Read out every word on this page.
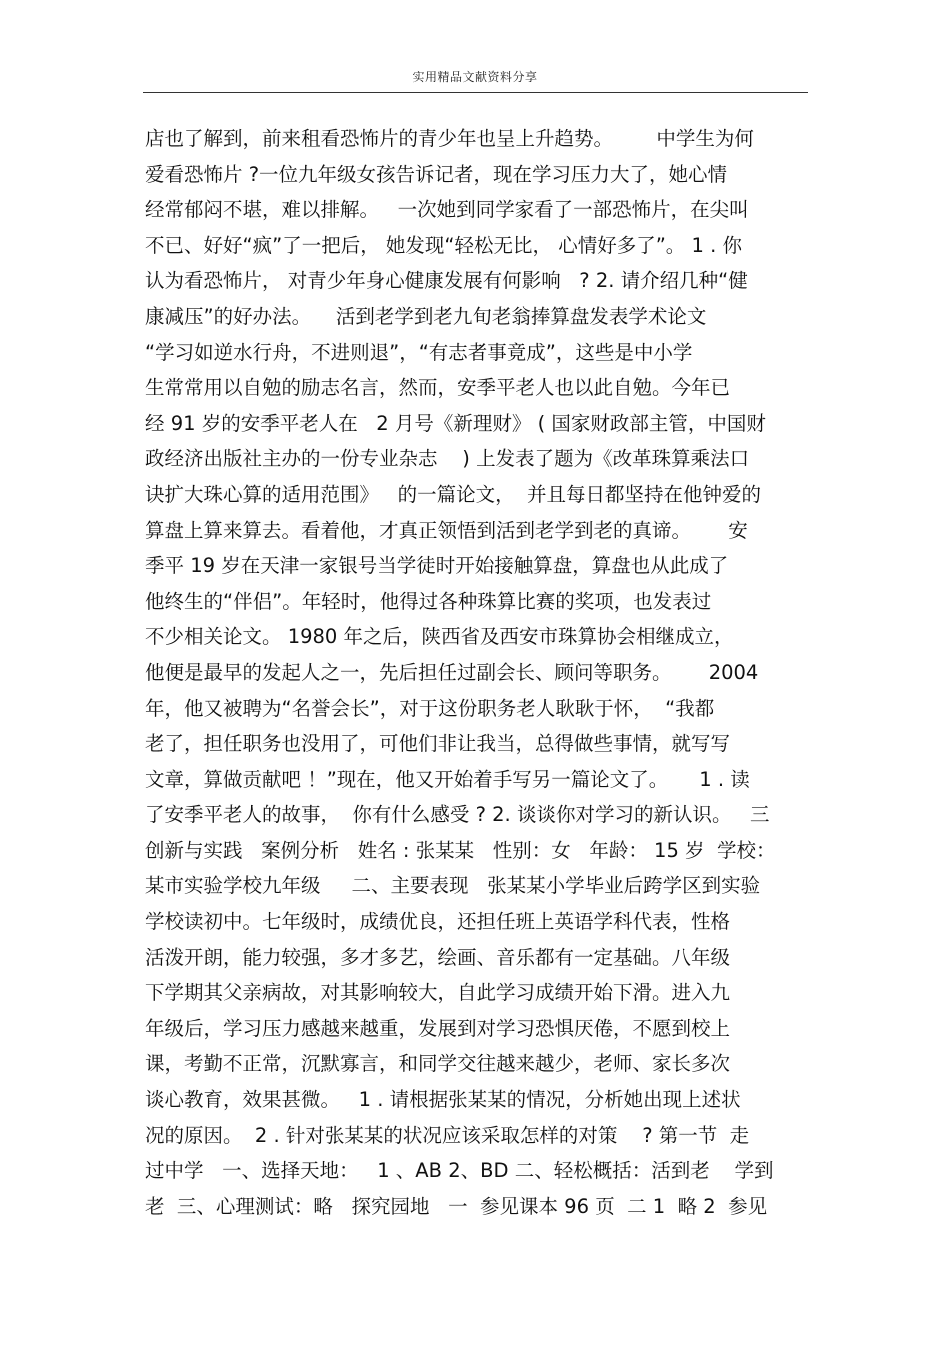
实用精品文献资料分享
店也了解到，前来租看恐怖片的青少年也呈上升趋势。       中学生为何
爱看恐怖片 ?一位九年级女孩告诉记者，现在学习压力大了，她心情
经常郁闷不堪，难以排解。   一次她到同学家看了一部恐怖片，在尖叫
不已、好好“疯”了一把后， 她发现“轻松无比， 心情好多了”。 1 . 你
认为看恐怖片， 对青少年身心健康发展有何影响   ? 2. 请介绍几种“健
康减压”的好办法。    活到老学到老九旬老翁捧算盘发表学术论文
“学习如逆水行舟，不进则退”，“有志者事竟成”，这些是中小学
生常常用以自勉的励志名言，然而，安季平老人也以此自勉。今年已
经 91 岁的安季平老人在   2 月号《新理财》 ( 国家财政部主管，中国财
政经济出版社主办的一份专业杂志    ) 上发表了题为《改革珠算乘法口
诀扩大珠心算的适用范围》   的一篇论文，  并且每日都坚持在他钟爱的
算盘上算来算去。看着他，才真正领悟到活到老学到老的真谛。      安
季平 19 岁在天津一家银号当学徒时开始接触算盘，算盘也从此成了
他终生的“伴侣”。年轻时，他得过各种珠算比赛的奖项，也发表过
不少相关论文。 1980 年之后，陕西省及西安市珠算协会相继成立，
他便是最早的发起人之一，先后担任过副会长、顾问等职务。      2004
年，他又被聘为“名誉会长”，对于这份职务老人耿耿于怀，  “我都
老了，担任职务也没用了，可他们非让我当，总得做些事情，就写写
文章，算做贡献吧 ！”现在，他又开始着手写另一篇论文了。     1 . 读
了安季平老人的故事，  你有什么感受 ? 2. 谈谈你对学习的新认识。   三
创新与实践   案例分析   姓名 : 张某某   性别：女   年龄： 15 岁  学校：
某市实验学校九年级     二、主要表现   张某某小学毕业后跨学区到实验
学校读初中。七年级时，成绩优良，还担任班上英语学科代表，性格
活泼开朗，能力较强，多才多艺，绘画、音乐都有一定基础。八年级
下学期其父亲病故，对其影响较大，自此学习成绩开始下滑。进入九
年级后，学习压力感越来越重，发展到对学习恐惧厌倦，不愿到校上
课，考勤不正常，沉默寡言，和同学交往越来越少，老师、家长多次
谈心教育，效果甚微。   1 . 请根据张某某的情况，分析她出现上述状
况的原因。  2 . 针对张某某的状况应该采取怎样的对策    ? 第一节  走
过中学   一、选择天地：   1 、AB 2、BD 二、轻松概括：活到老    学到
老  三、心理测试：略   探究园地   一  参见课本 96 页  二 1  略 2  参见
